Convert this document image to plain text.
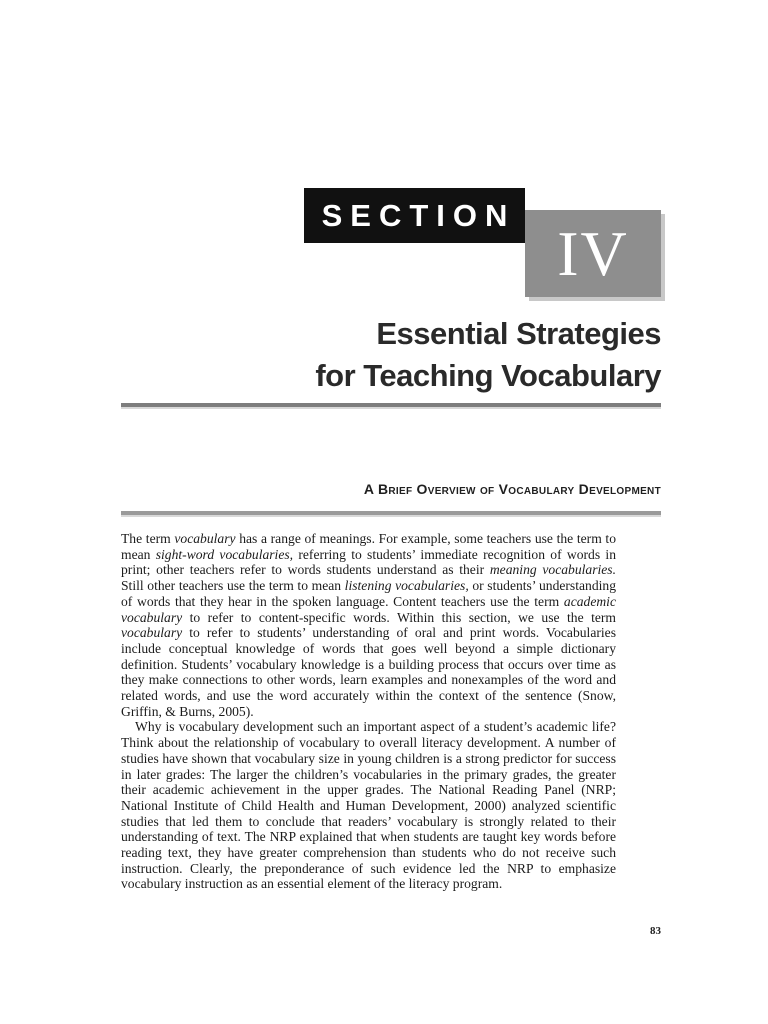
SECTION
IV
Essential Strategies
for Teaching Vocabulary
A Brief Overview of Vocabulary Development

The term vocabulary has a range of meanings. For example, some teachers use the term to mean sight-word vocabularies, referring to students’ immediate recognition of words in print; other teachers refer to words students understand as their meaning vocabularies. Still other teachers use the term to mean listening vocabularies, or students’ understanding of words that they hear in the spoken language. Content teachers use the term academic vocabulary to refer to content-specific words. Within this section, we use the term vocabulary to refer to students’ understanding of oral and print words. Vocabularies include conceptual knowledge of words that goes well beyond a simple dictionary definition. Students’ vocabulary knowledge is a building process that occurs over time as they make connections to other words, learn examples and nonexamples of the word and related words, and use the word accurately within the context of the sentence (Snow, Griffin, & Burns, 2005).

Why is vocabulary development such an important aspect of a student’s academic life? Think about the relationship of vocabulary to overall literacy development. A number of studies have shown that vocabulary size in young children is a strong predictor for success in later grades: The larger the children’s vocabularies in the primary grades, the greater their academic achievement in the upper grades. The National Reading Panel (NRP; National Institute of Child Health and Human Development, 2000) analyzed scientific studies that led them to conclude that readers’ vocabulary is strongly related to their understanding of text. The NRP explained that when students are taught key words before reading text, they have greater comprehension than students who do not receive such instruction. Clearly, the preponderance of such evidence led the NRP to emphasize vocabulary instruction as an essential element of the literacy program.

83
